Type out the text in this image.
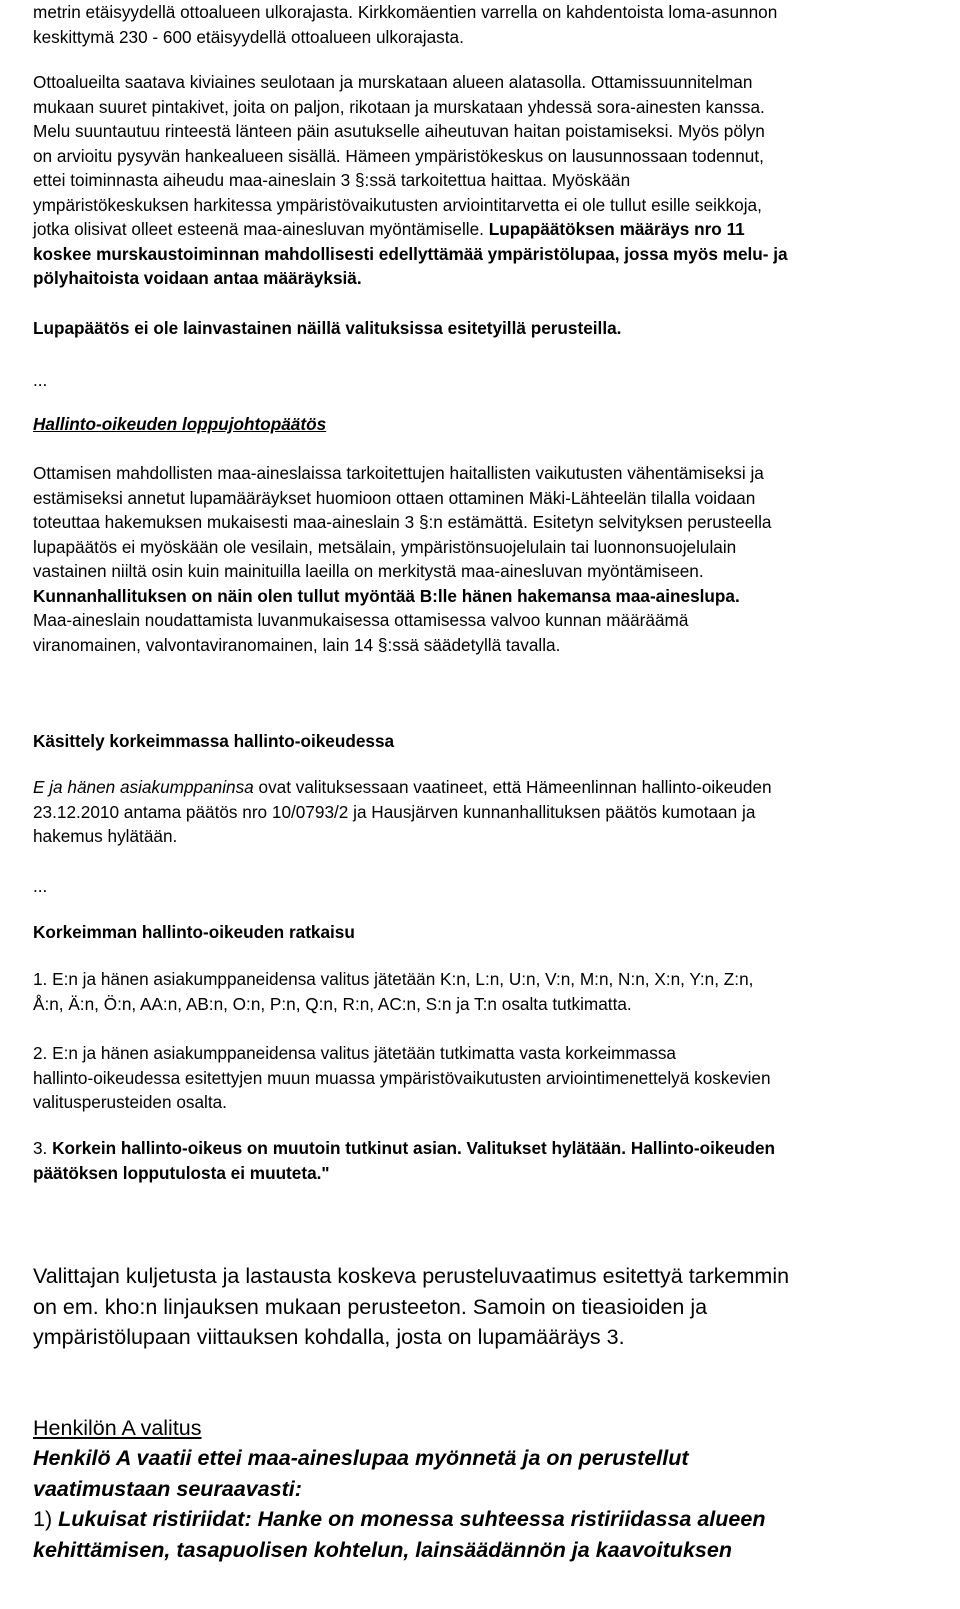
metrin etäisyydellä ottoalueen ulkorajasta. Kirkkomäentien varrella on kahdentoista loma-asunnon
keskittymä 230 - 600 etäisyydellä ottoalueen ulkorajasta.

Ottoalueilta saatava kiviaines seulotaan ja murskataan alueen alatasolla. Ottamissuunnitelman
mukaan suuret pintakivet, joita on paljon, rikotaan ja murskataan yhdessä sora-ainesten kanssa.
Melu suuntautuu rinteestä länteen päin asutukselle aiheutuvan haitan poistamiseksi. Myös pölyn
on arvioitu pysyvän hankealueen sisällä. Hämeen ympäristökeskus on lausunnossaan todennut,
ettei toiminnasta aiheudu maa-aineslain 3 §:ssä tarkoitettua haittaa. Myöskään
ympäristökeskuksen harkitessa ympäristövaikutusten arviointitarvetta ei ole tullut esille seikkoja,
jotka olisivat olleet esteenä maa-ainesluvan myöntämiselle. Lupapäätöksen määräys nro 11
koskee murskaustoiminnan mahdollisesti edellyttämää ympäristölupaa, jossa myös melu- ja
pölyhaitoista voidaan antaa määräyksiä.

Lupapäätös ei ole lainvastainen näillä valituksissa esitetyillä perusteilla.

...
Hallinto-oikeuden loppujohtopäätös

Ottamisen mahdollisten maa-aineslaissa tarkoitettujen haitallisten vaikutusten vähentämiseksi ja
estämiseksi annetut lupamääräykset huomioon ottaen ottaminen Mäki-Lähteelän tilalla voidaan
toteuttaa hakemuksen mukaisesti maa-aineslain 3 §:n estämättä. Esitetyn selvityksen perusteella
lupapäätös ei myöskään ole vesilain, metsälain, ympäristönsuojelulain tai luonnonsuojelulain
vastainen niiltä osin kuin mainituilla laeilla on merkitystä maa-ainesluvan myöntämiseen.
Kunnanhallituksen on näin olen tullut myöntää B:lle hänen hakemansa maa-aineslupa.
Maa-aineslain noudattamista luvanmukaisessa ottamisessa valvoo kunnan määräämä
viranomainen, valvontaviranomainen, lain 14 §:ssä säädetyllä tavalla.

Käsittely korkeimmassa hallinto-oikeudessa

E ja hänen asiakumppaninsa ovat valituksessaan vaatineet, että Hämeenlinnan hallinto-oikeuden
23.12.2010 antama päätös nro 10/0793/2 ja Hausjärven kunnanhallituksen päätös kumotaan ja
hakemus hylätään.

...
Korkeimman hallinto-oikeuden ratkaisu

1. E:n ja hänen asiakumppaneidensa valitus jätetään K:n, L:n, U:n, V:n, M:n, N:n, X:n, Y:n, Z:n,
Å:n, Ä:n, Ö:n, AA:n, AB:n, O:n, P:n, Q:n, R:n, AC:n, S:n ja T:n osalta tutkimatta.

2. E:n ja hänen asiakumppaneidensa valitus jätetään tutkimatta vasta korkeimmassa
hallinto-oikeudessa esitettyjen muun muassa ympäristövaikutusten arviointimenettelyä koskevien
valitusperusteiden osalta.

3. Korkein hallinto-oikeus on muutoin tutkinut asian. Valitukset hylätään. Hallinto-oikeuden
päätöksen lopputulosta ei muuteta."

Valittajan kuljetusta ja lastausta koskeva perusteluvaatimus esitettyä tarkemmin
on em. kho:n linjauksen mukaan perusteeton. Samoin on tieasioiden ja
ympäristölupaan viittauksen kohdalla, josta on lupamääräys 3.

Henkilön A valitus

Henkilö A vaatii ettei maa-aineslupaa myönnetä ja on perustellut
vaatimustaan seuraavasti:
1) Lukuisat ristiriidat: Hanke on monessa suhteessa ristiriidassa alueen
kehittämisen, tasapuolisen kohtelun, lainsäädännön ja kaavoituksen
